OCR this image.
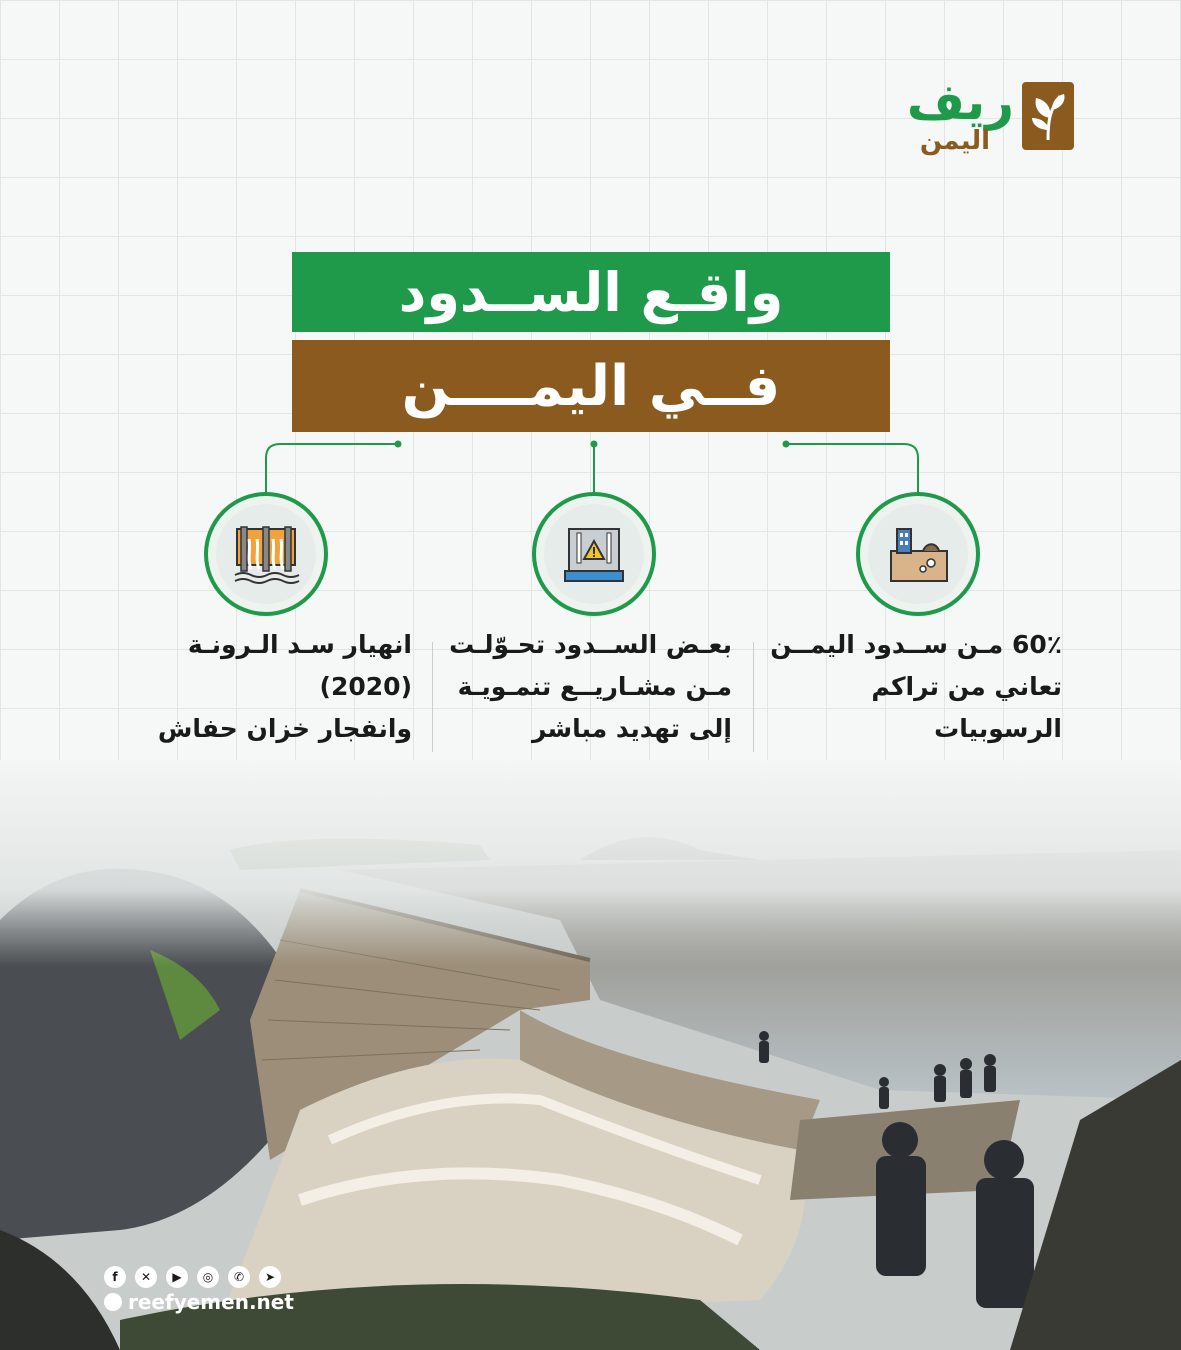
ريف
اليمن
واقـع الســدود
فــي اليمــــن
60٪ مـن ســدود اليمــن
تعاني من تراكم الرسوبيات
بعـض الســدود تحـوّلـت
مـن مشـاريــع تنمـويـة
إلى تهديد مباشر
انهيار سـد الـرونـة (2020)
وانفجار خزان حفاش
f	✕	▶	◎	✆	➤
reefyemen.net
